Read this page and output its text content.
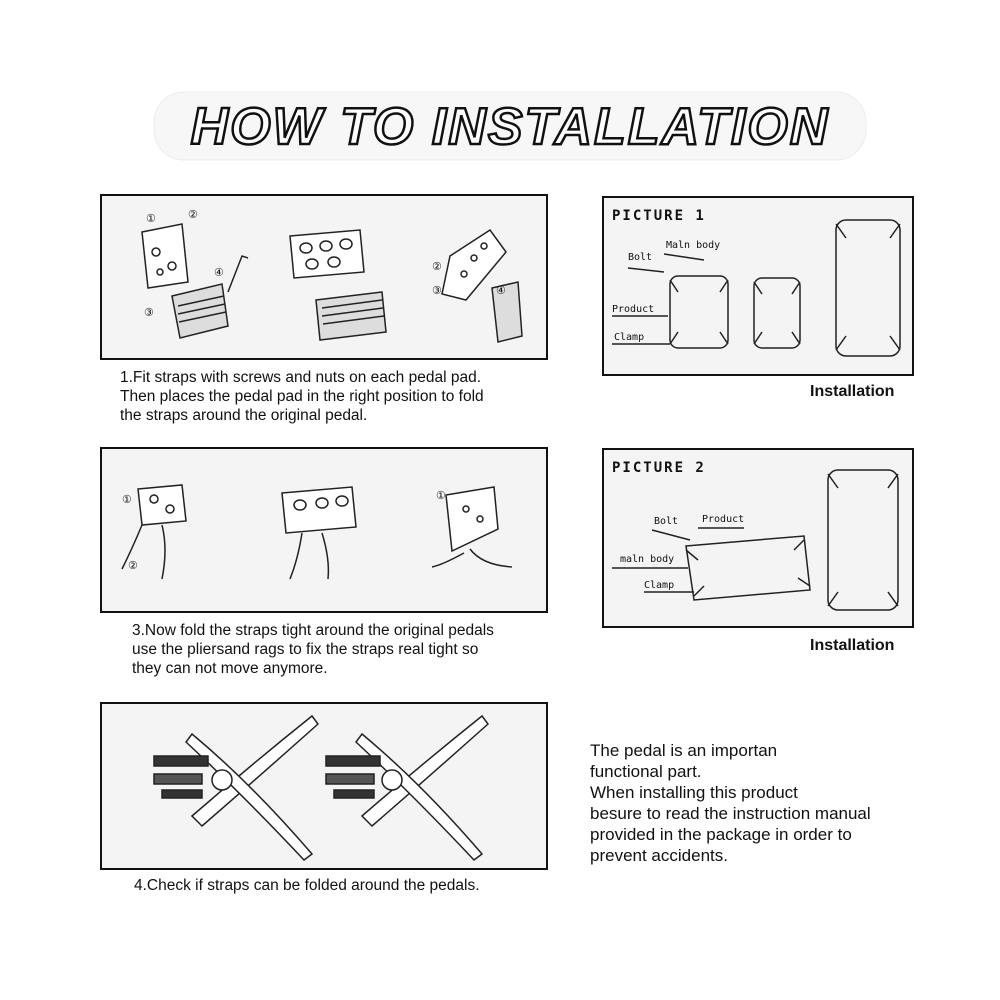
HOW TO INSTALLATION
①	②
③
④	②
③	④
1.Fit straps with screws and nuts on each pedal pad.
Then places the pedal pad in the right position to fold
the straps around the original pedal.
①
②
①
3.Now fold the straps tight around the original pedals
use the pliersand rags to fix the straps real tight so
they can not move anymore.
4.Check if straps can be folded around the pedals.
PICTURE 1
Bolt
Maln body
Product
Clamp
Installation
PICTURE 2
Bolt Product
maln body
Clamp
Installation
The pedal is an importan
functional part.
When installing this product
besure to read the instruction manual
provided in the package in order to
prevent accidents.
